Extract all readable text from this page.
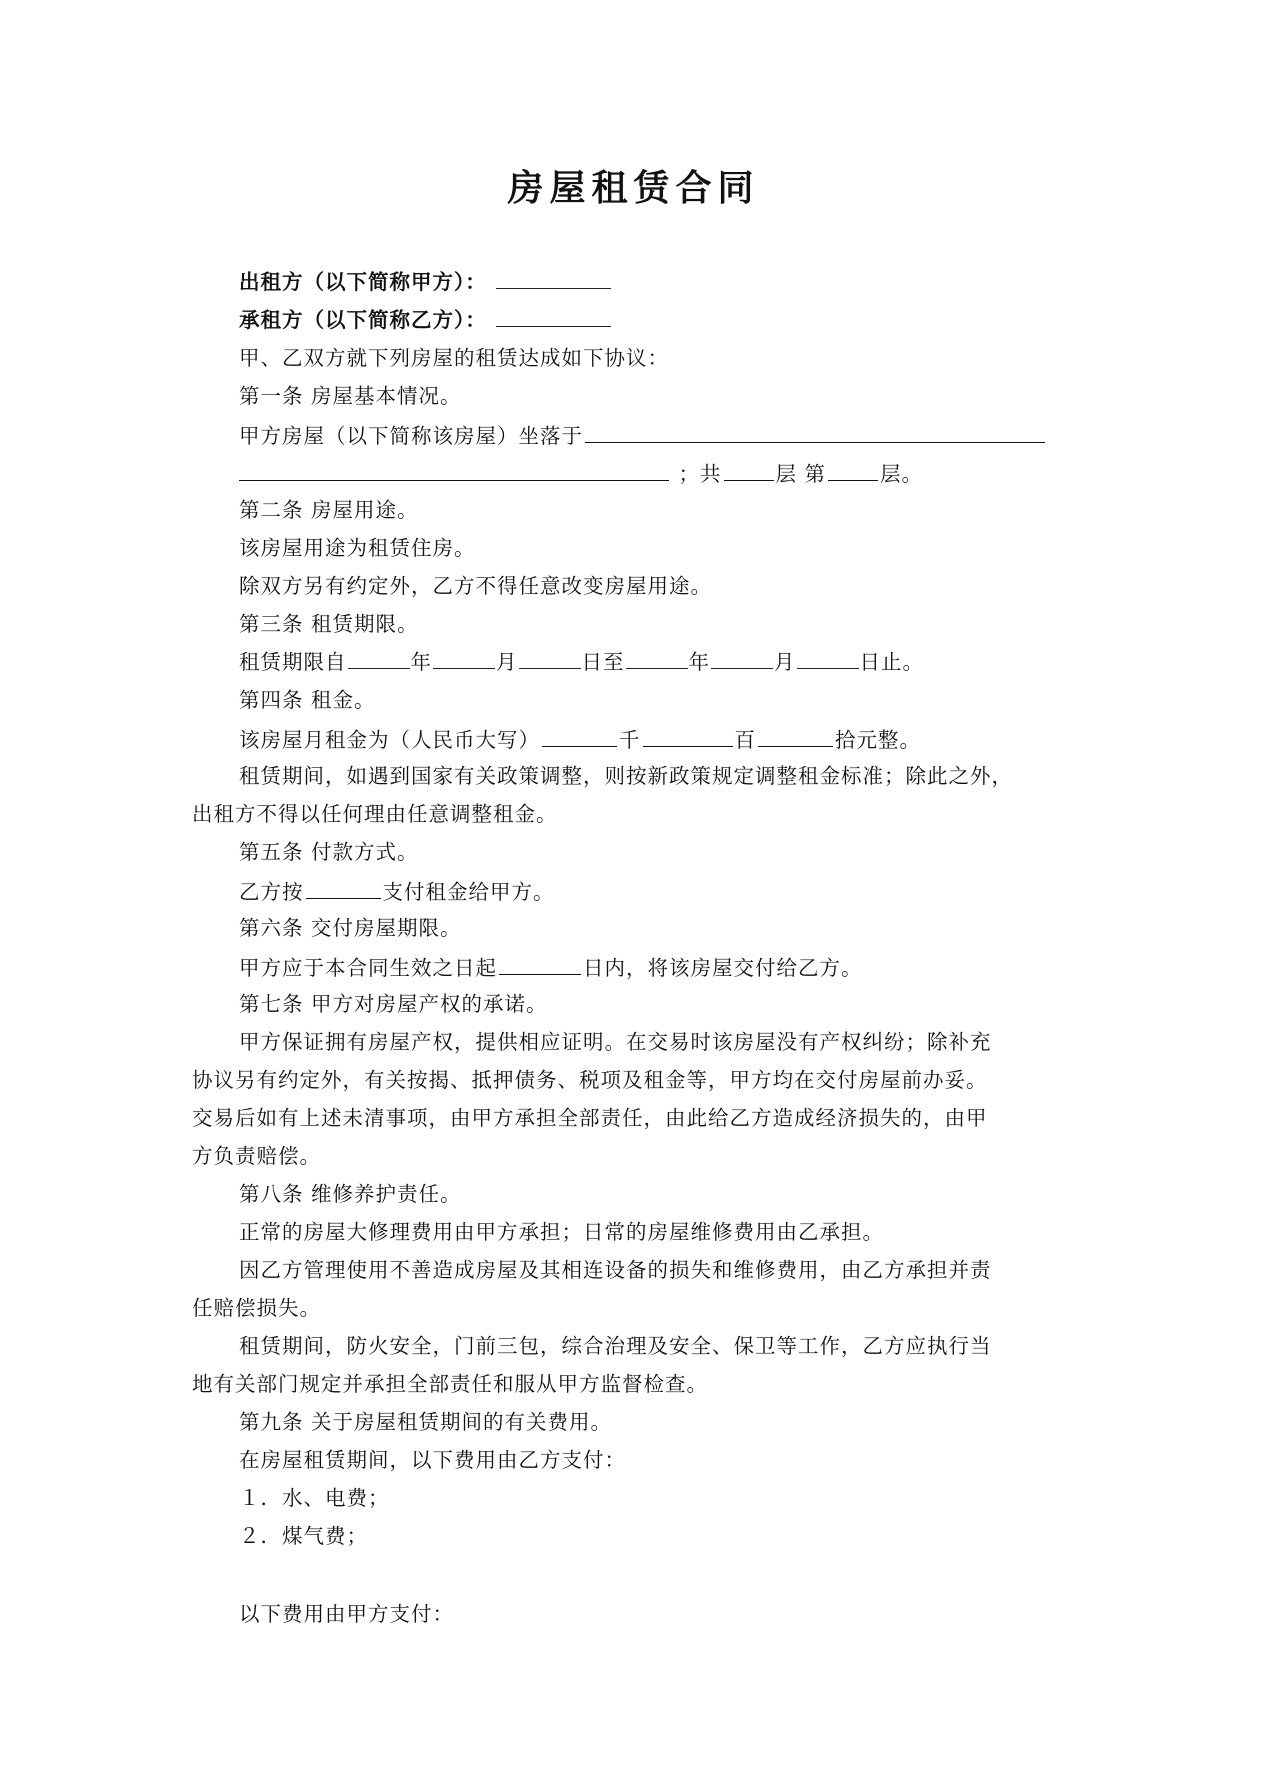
房屋租赁合同
出租方（以下简称甲方）：
承租方（以下简称乙方）：
甲、乙双方就下列房屋的租赁达成如下协议：
第一条 房屋基本情况。
甲方房屋（以下简称该房屋）坐落于
；共	层 第	层。
第二条 房屋用途。
该房屋用途为租赁住房。
除双方另有约定外，乙方不得任意改变房屋用途。
第三条 租赁期限。
租赁期限自	年	月	日至	年	月	日止。
第四条 租金。
该房屋月租金为（人民币大写）	千	百	拾元整。
租赁期间，如遇到国家有关政策调整，则按新政策规定调整租金标准；除此之外，
出租方不得以任何理由任意调整租金。
第五条 付款方式。
乙方按	支付租金给甲方。
第六条 交付房屋期限。
甲方应于本合同生效之日起	日内，将该房屋交付给乙方。
第七条 甲方对房屋产权的承诺。
甲方保证拥有房屋产权，提供相应证明。在交易时该房屋没有产权纠纷；除补充
协议另有约定外，有关按揭、抵押债务、税项及租金等，甲方均在交付房屋前办妥。
交易后如有上述未清事项，由甲方承担全部责任，由此给乙方造成经济损失的，由甲
方负责赔偿。
第八条 维修养护责任。
正常的房屋大修理费用由甲方承担；日常的房屋维修费用由乙承担。
因乙方管理使用不善造成房屋及其相连设备的损失和维修费用，由乙方承担并责
任赔偿损失。
租赁期间，防火安全，门前三包，综合治理及安全、保卫等工作，乙方应执行当
地有关部门规定并承担全部责任和服从甲方监督检查。
第九条 关于房屋租赁期间的有关费用。
在房屋租赁期间，以下费用由乙方支付：
１．水、电费；
２．煤气费；
以下费用由甲方支付：
